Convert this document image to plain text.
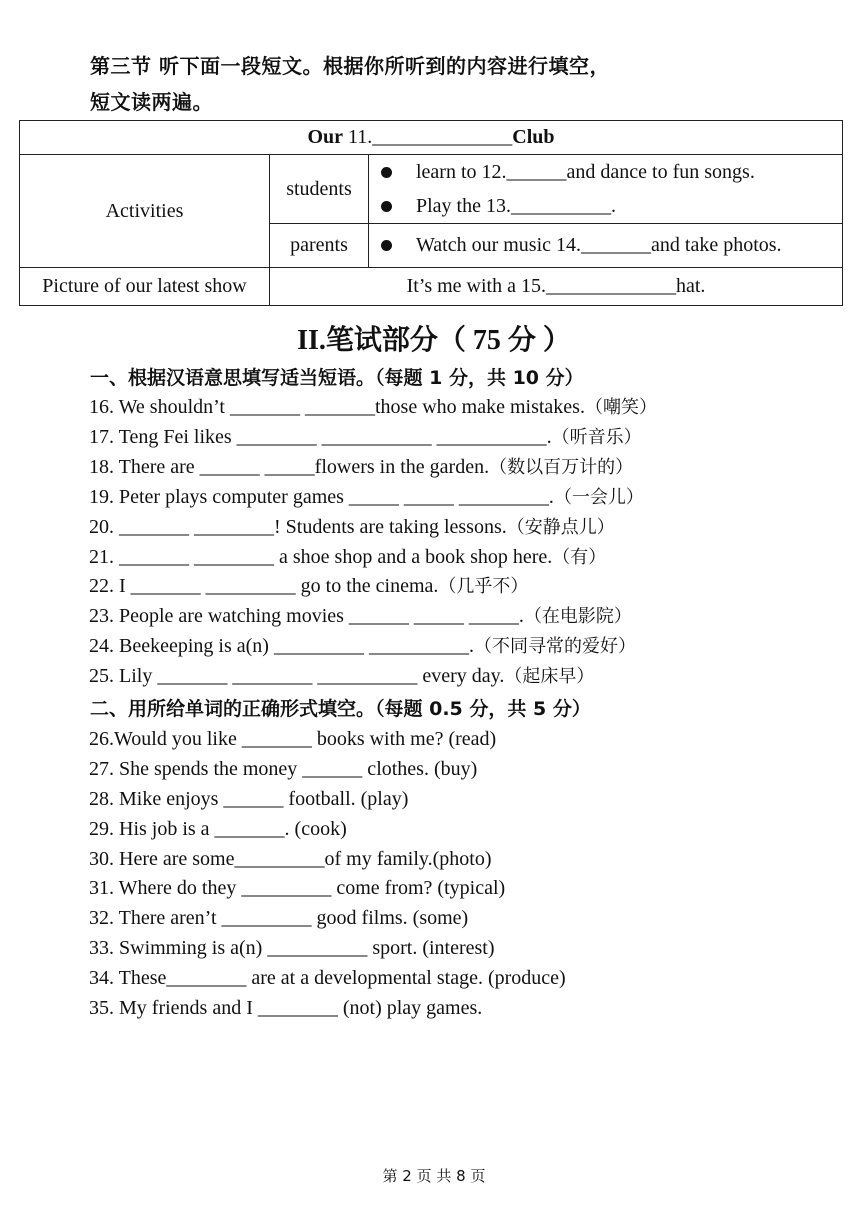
第三节 听下面一段短文。根据你所听到的内容进行填空，
短文读两遍。
Our 11.______________Club		
Activities	students	learn to 12.______and dance to fun songs.
Play the 13.__________.

	parents	Watch our music 14._______and take photos.

Picture of our latest show	It’s me with a 15._____________hat.	
II.笔试部分（ 75 分 ）
一、根据汉语意思填写适当短语。（每题 1 分，共 10 分）
16. We shouldn’t _______ _______those who make mistakes.（嘲笑）
17. Teng Fei likes ________ ___________ ___________.（听音乐）
18. There are ______ _____flowers in the garden.（数以百万计的）
19. Peter plays computer games _____ _____ _________.（一会儿）
20. _______ ________! Students are taking lessons.（安静点儿）
21. _______ ________ a shoe shop and a book shop here.（有）
22. I _______ _________ go to the cinema.（几乎不）
23. People are watching movies ______ _____ _____.（在电影院）
24. Beekeeping is a(n) _________ __________.（不同寻常的爱好）
25. Lily _______ ________ __________ every day.（起床早）
二、用所给单词的正确形式填空。（每题 0.5 分，共 5 分）
26.Would you like _______ books with me? (read)
27. She spends the money ______ clothes. (buy)
28. Mike enjoys ______ football. (play)
29. His job is a _______. (cook)
30. Here are some_________of my family.(photo)
31. Where do they _________ come from? (typical)
32. There aren’t _________ good films. (some)
33. Swimming is a(n) __________ sport. (interest)
34. These________ are at a developmental stage. (produce)
35. My friends and I ________ (not) play games.
第 2 页 共 8 页
